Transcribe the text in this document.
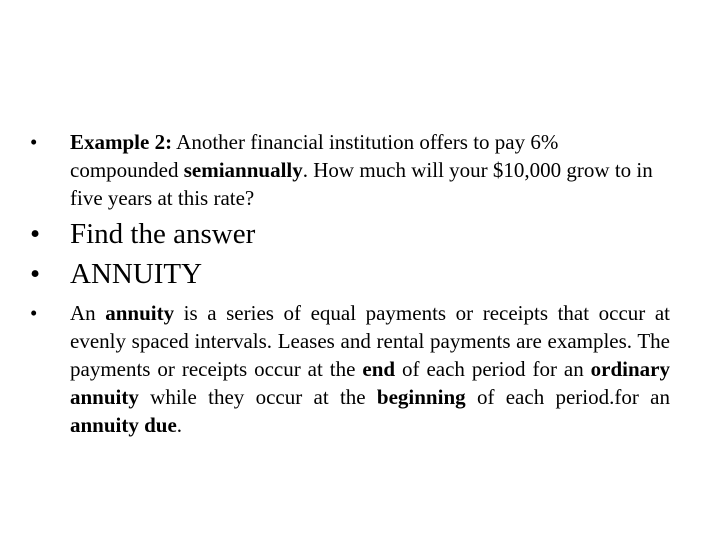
•	Example 2: Another financial institution offers to pay 6% compounded semiannually. How much will your $10,000 grow to in five years at this rate?
•	Find the answer
•	ANNUITY
•	An annuity is a series of equal payments or receipts that occur at evenly spaced intervals. Leases and rental payments are examples. The payments or receipts occur at the end of each period for an ordinary annuity while they occur at the beginning of each period.for an annuity due.
